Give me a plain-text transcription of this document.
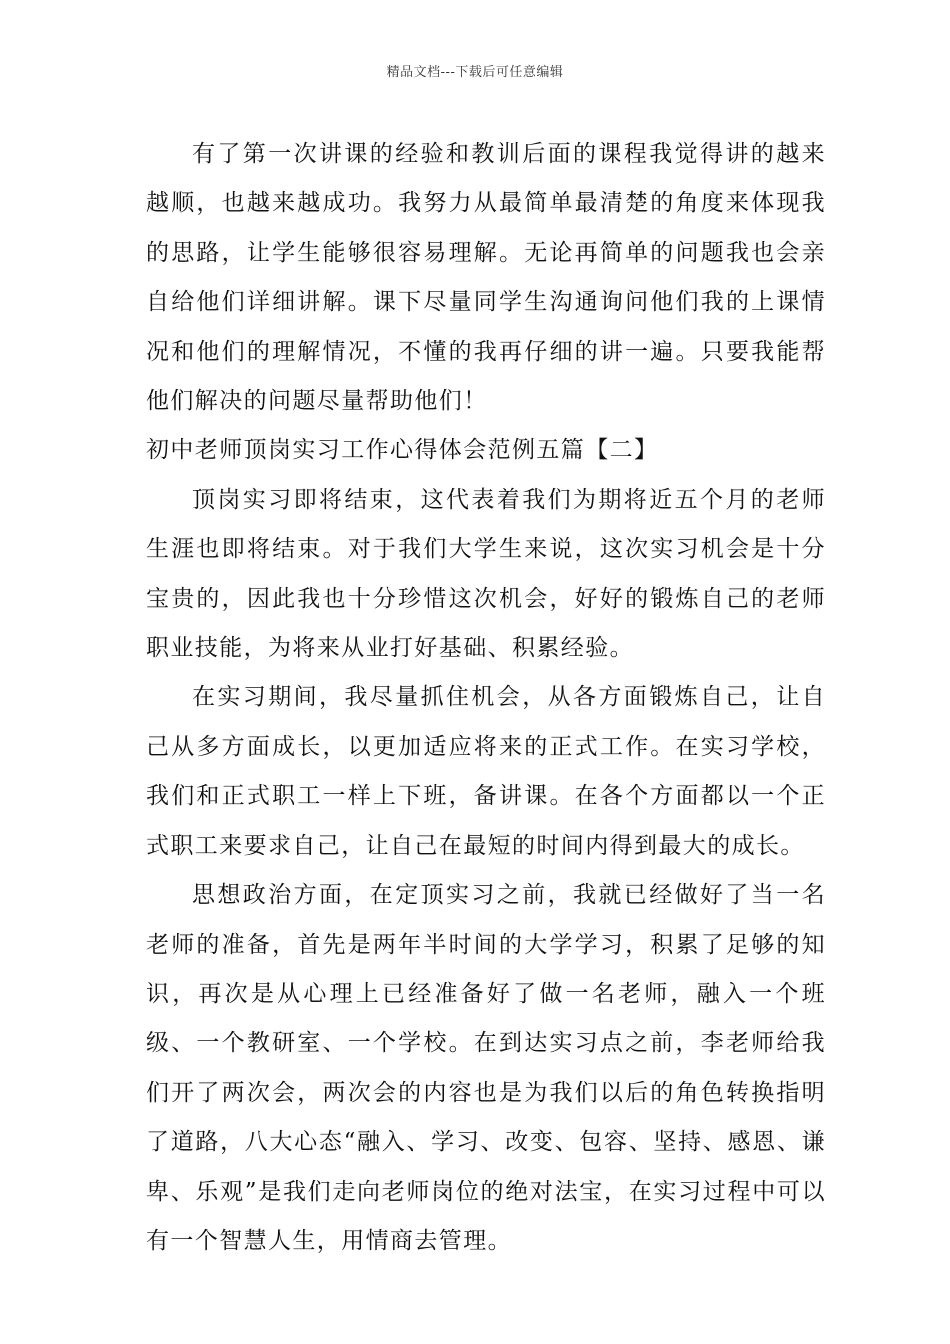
精品文档---下载后可任意编辑

有了第一次讲课的经验和教训后面的课程我觉得讲的越来越顺，也越来越成功。我努力从最简单最清楚的角度来体现我的思路，让学生能够很容易理解。无论再简单的问题我也会亲自给他们详细讲解。课下尽量同学生沟通询问他们我的上课情况和他们的理解情况，不懂的我再仔细的讲一遍。只要我能帮他们解决的问题尽量帮助他们！

初中老师顶岗实习工作心得体会范例五篇【二】

顶岗实习即将结束，这代表着我们为期将近五个月的老师生涯也即将结束。对于我们大学生来说，这次实习机会是十分宝贵的，因此我也十分珍惜这次机会，好好的锻炼自己的老师职业技能，为将来从业打好基础、积累经验。

在实习期间，我尽量抓住机会，从各方面锻炼自己，让自己从多方面成长，以更加适应将来的正式工作。在实习学校，我们和正式职工一样上下班，备讲课。在各个方面都以一个正式职工来要求自己，让自己在最短的时间内得到最大的成长。

思想政治方面，在定顶实习之前，我就已经做好了当一名老师的准备，首先是两年半时间的大学学习，积累了足够的知识，再次是从心理上已经准备好了做一名老师，融入一个班级、一个教研室、一个学校。在到达实习点之前，李老师给我们开了两次会，两次会的内容也是为我们以后的角色转换指明了道路，八大心态“融入、学习、改变、包容、坚持、感恩、谦卑、乐观”是我们走向老师岗位的绝对法宝，在实习过程中可以有一个智慧人生，用情商去管理。
